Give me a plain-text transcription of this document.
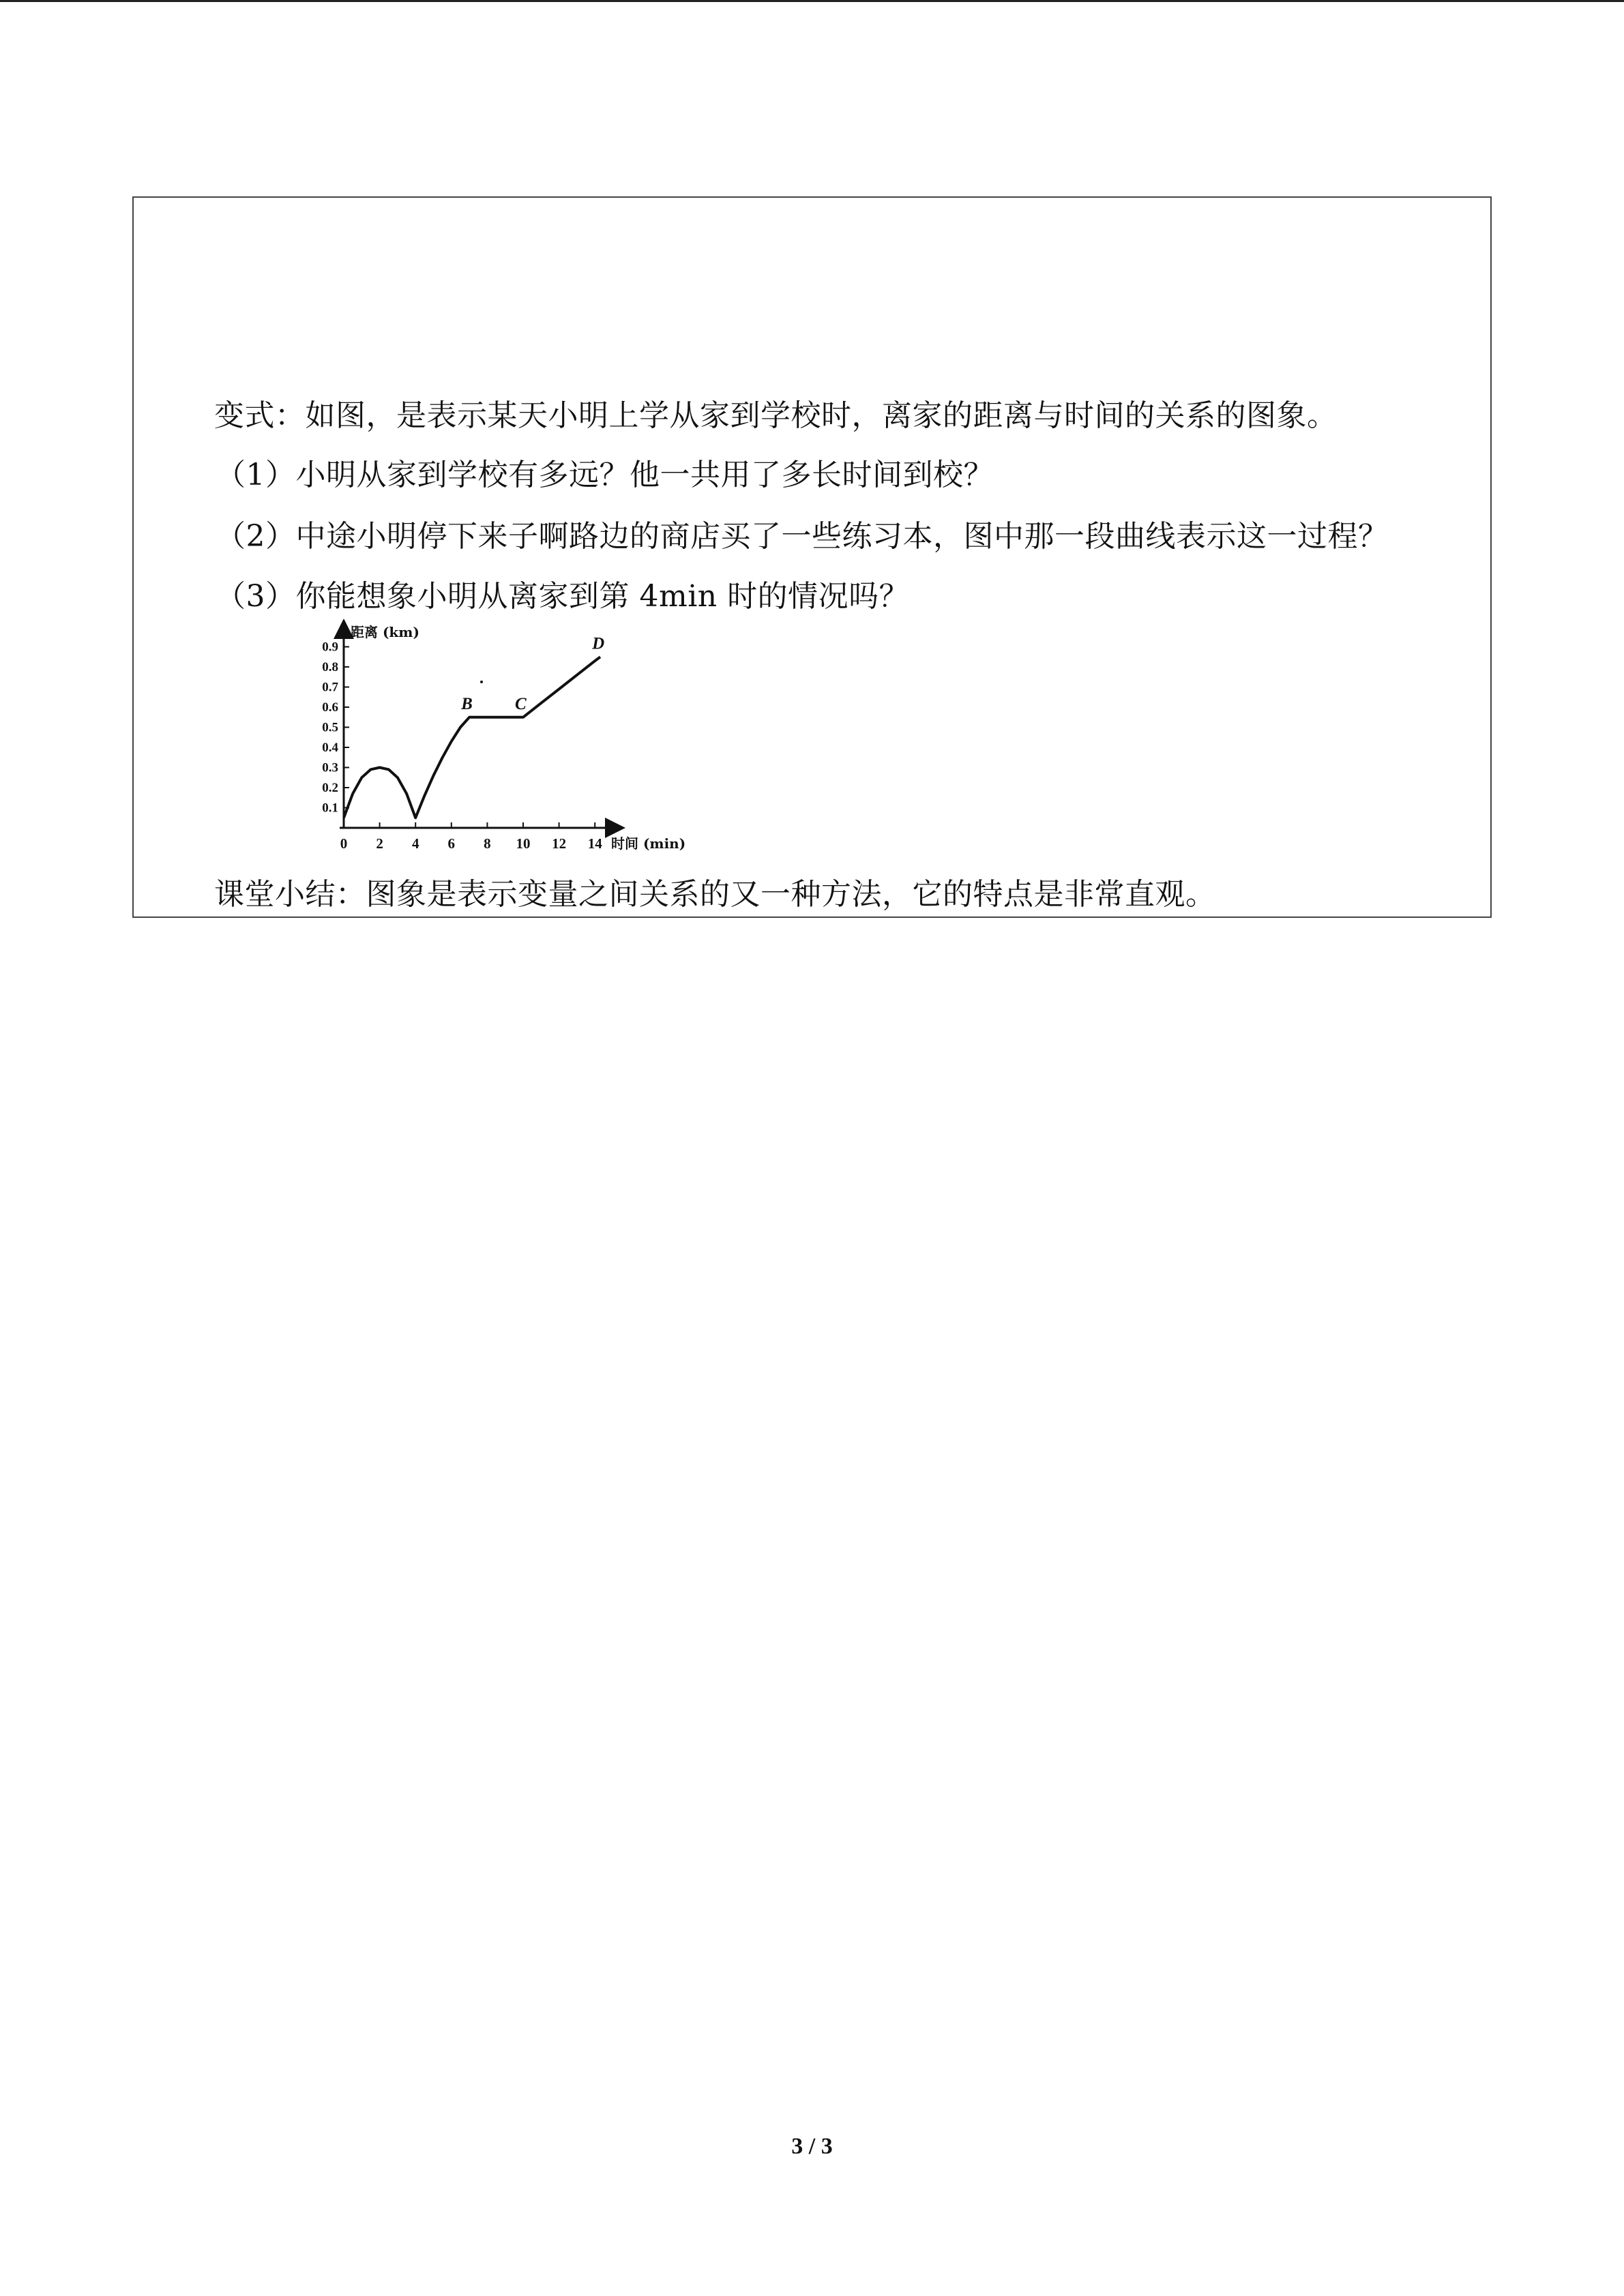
变式：如图，是表示某天小明上学从家到学校时，离家的距离与时间的关系的图象。
（1）小明从家到学校有多远？他一共用了多长时间到校？
（2）中途小明停下来子啊路边的商店买了一些练习本，图中那一段曲线表示这一过程？
（3）你能想象小明从离家到第 4min 时的情况吗？
距离 (km)
时间 (min)
0.1
0.2
0.3
0.4
0.5
0.6
0.7
0.8
0.9
0 2 4 6 8 10 12 14
B C
D
课堂小结：图象是表示变量之间关系的又一种方法，它的特点是非常直观。
3 / 3
